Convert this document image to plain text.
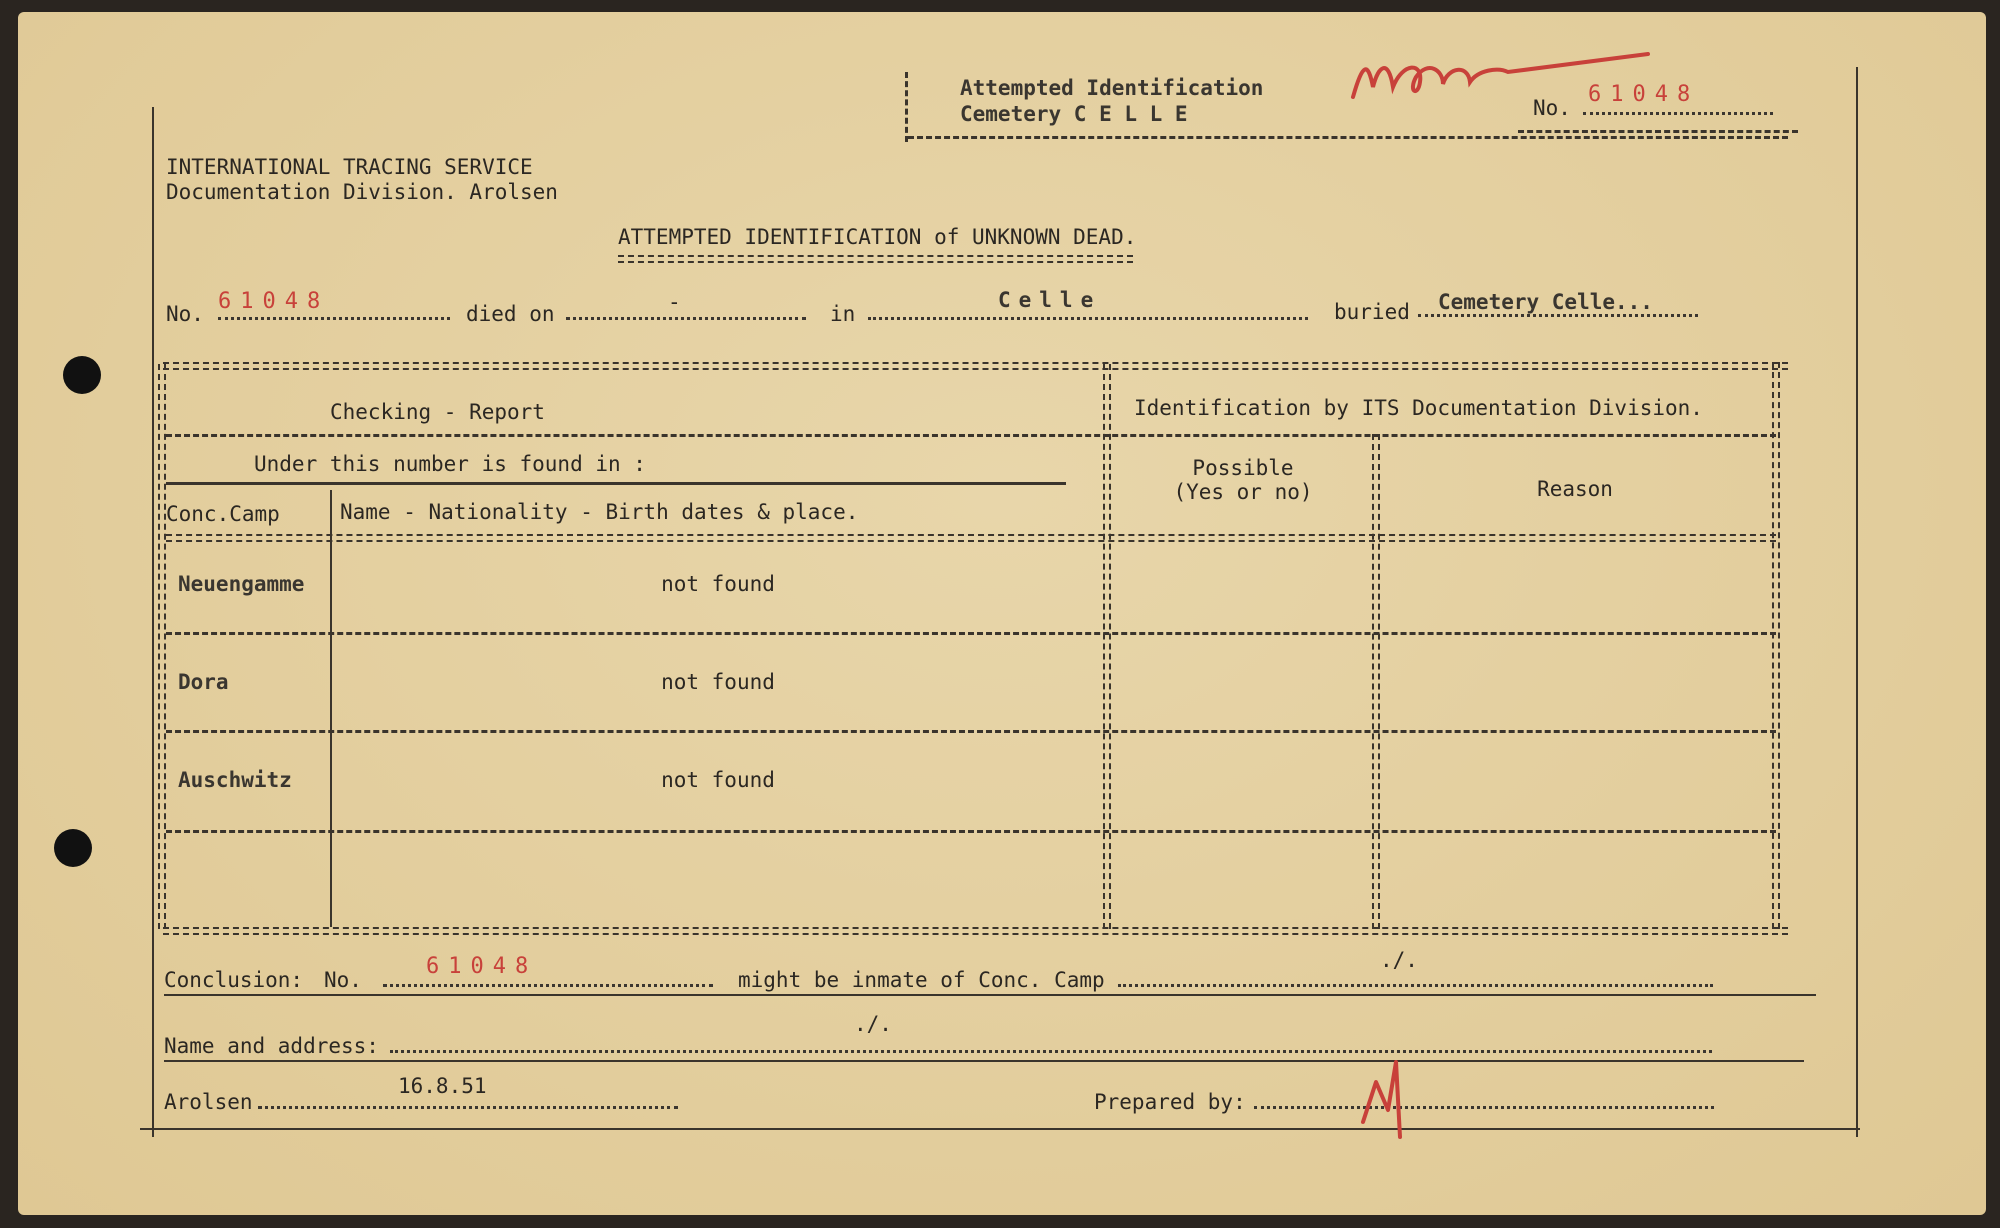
Attempted Identification
Cemetery C E L L E	No.
61048
INTERNATIONAL TRACING SERVICE
Documentation Division. Arolsen
ATTEMPTED IDENTIFICATION of UNKNOWN DEAD.
No. 61048	died on	-	in
Celle	buried Cemetery Celle...
Checking - Report	Identification by ITS Documentation Division.
Under this number is found in :
Conc.Camp	Name - Nationality - Birth dates & place.
Possible
(Yes or no)	Reason
Neuengamme	not found
Dora	not found
Auschwitz	not found
Conclusion: No.
61048
might be inmate of Conc. Camp
./.
./.
Name and address:
Arolsen
16.8.51
Prepared by:
